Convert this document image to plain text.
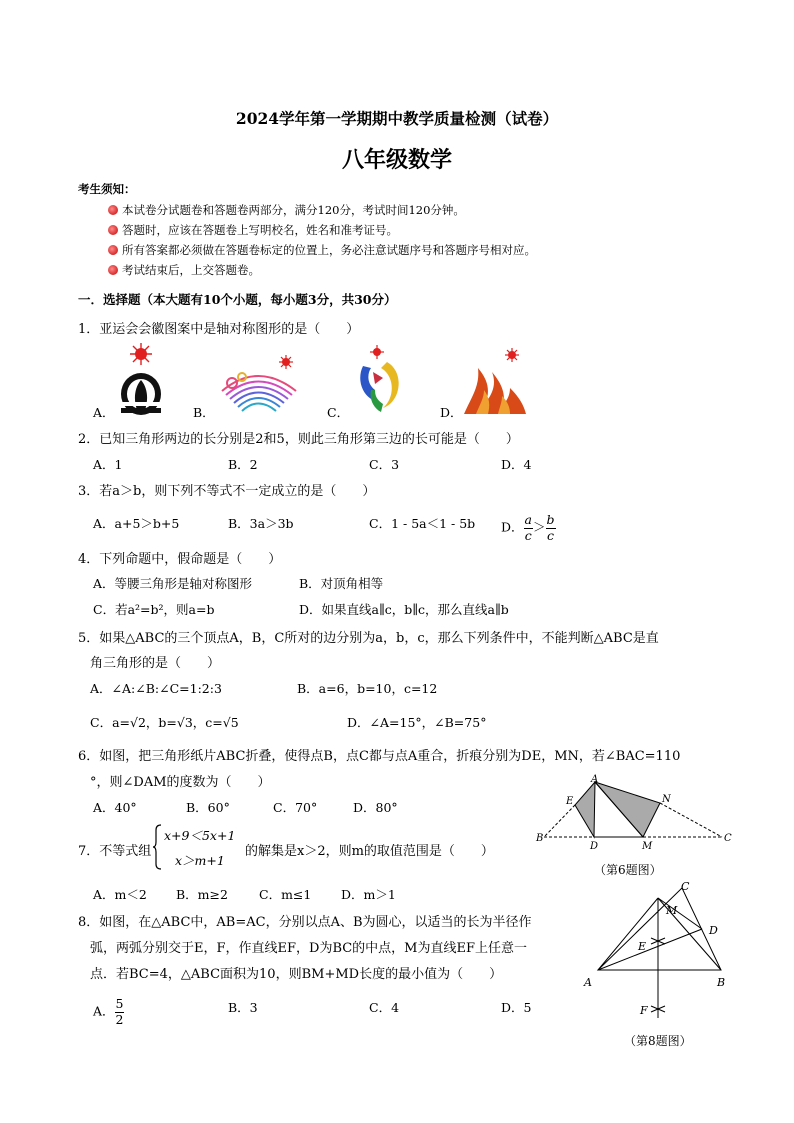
2024学年第一学期期中教学质量检测（试卷）
八年级数学
考生须知：
本试卷分试题卷和答题卷两部分，满分120分，考试时间120分钟。
答题时，应该在答题卷上写明校名，姓名和准考证号。
所有答案都必须做在答题卷标定的位置上，务必注意试题序号和答题序号相对应。
考试结束后，上交答题卷。
一．选择题（本大题有10个小题，每小题3分，共30分）
1．亚运会会徽图案中是轴对称图形的是（　　）
A．	B．	C．	D．
2．已知三角形两边的长分别是2和5，则此三角形第三边的长可能是（　　）
A．1	B．2	C．3	D．4
3．若a＞b，则下列不等式不一定成立的是（　　）
A．a+5＞b+5	B．3a＞3b	C．1 - 5a＜1 - 5b D． $\frac{a}{c} > \frac{b}{c}$
4．下列命题中，假命题是（　　）
A．等腰三角形是轴对称图形	B．对顶角相等
C．若a²=b²，则a=b	D．如果直线a∥c，b∥c，那么直线a∥b
5．如果△ABC的三个顶点A，B，C所对的边分别为a，b，c，那么下列条件中，不能判断△ABC是直
角三角形的是（　　）
A．∠A:∠B:∠C=1:2:3	B．a=6，b=10，c=12
C．a=√2，b=√3，c=√5	D．∠A=15°，∠B=75°
6．如图，把三角形纸片ABC折叠，使得点B，点C都与点A重合，折痕分别为DE，MN，若∠BAC=110
°，则∠DAM的度数为（　　）
A．40°	B．60°	C．70°	D．80°
A
E	N
B
D	M
C
（第6题图）
7．不等式组
x+9＜5x+1
x＞m+1
的解集是x＞2，则m的取值范围是（　　）
A．m＜2 B．m≥2 C．m≤1 D．m＞1
8．如图，在△ABC中，AB=AC，分别以点A、B为圆心，以适当的长为半径作
弧，两弧分别交于E，F，作直线EF，D为BC的中点，M为直线EF上任意一
点．若BC=4，△ABC面积为10，则BM+MD长度的最小值为（　　）
A． $\frac{5}{2}$	B．3	C．4	D．5
C
M
D
E
A	B
F
（第8题图）
